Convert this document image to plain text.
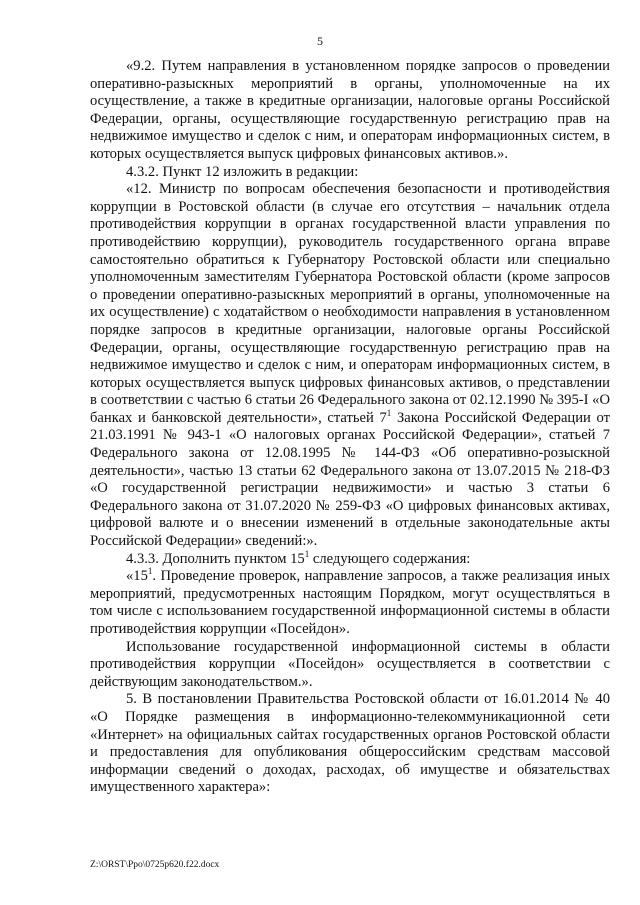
5

«9.2. Путем направления в установленном порядке запросов о проведении оперативно-разыскных мероприятий в органы, уполномоченные на их осуществление, а также в кредитные организации, налоговые органы Российской Федерации, органы, осуществляющие государственную регистрацию прав на недвижимое имущество и сделок с ним, и операторам информационных систем, в которых осуществляется выпуск цифровых финансовых активов.».

4.3.2. Пункт 12 изложить в редакции:

«12. Министр по вопросам обеспечения безопасности и противодействия коррупции в Ростовской области (в случае его отсутствия – начальник отдела противодействия коррупции в органах государственной власти управления по противодействию коррупции), руководитель государственного органа вправе самостоятельно обратиться к Губернатору Ростовской области или специально уполномоченным заместителям Губернатора Ростовской области (кроме запросов о проведении оперативно-разыскных мероприятий в органы, уполномоченные на их осуществление) с ходатайством о необходимости направления в установленном порядке запросов в кредитные организации, налоговые органы Российской Федерации, органы, осуществляющие государственную регистрацию прав на недвижимое имущество и сделок с ним, и операторам информационных систем, в которых осуществляется выпуск цифровых финансовых активов, о представлении в соответствии с частью 6 статьи 26 Федерального закона от 02.12.1990 № 395-I «О банках и банковской деятельности», статьей $7^1$ Закона Российской Федерации от 21.03.1991 № 943-1 «О налоговых органах Российской Федерации», статьей 7 Федерального закона от 12.08.1995 № 144-ФЗ «Об оперативно-розыскной деятельности», частью 13 статьи 62 Федерального закона от 13.07.2015 № 218-ФЗ «О государственной регистрации недвижимости» и частью 3 статьи 6 Федерального закона от 31.07.2020 № 259-ФЗ «О цифровых финансовых активах, цифровой валюте и о внесении изменений в отдельные законодательные акты Российской Федерации» сведений:».

4.3.3. Дополнить пунктом $15^1$ следующего содержания:

«$15^1$. Проведение проверок, направление запросов, а также реализация иных мероприятий, предусмотренных настоящим Порядком, могут осуществляться в том числе с использованием государственной информационной системы в области противодействия коррупции «Посейдон».

Использование государственной информационной системы в области противодействия коррупции «Посейдон» осуществляется в соответствии с действующим законодательством.».

5. В постановлении Правительства Ростовской области от 16.01.2014 № 40 «О Порядке размещения в информационно-телекоммуникационной сети «Интернет» на официальных сайтах государственных органов Ростовской области и предоставления для опубликования общероссийским средствам массовой информации сведений о доходах, расходах, об имуществе и обязательствах имущественного характера»:

Z:\ORST\Ppo\0725p620.f22.docx
